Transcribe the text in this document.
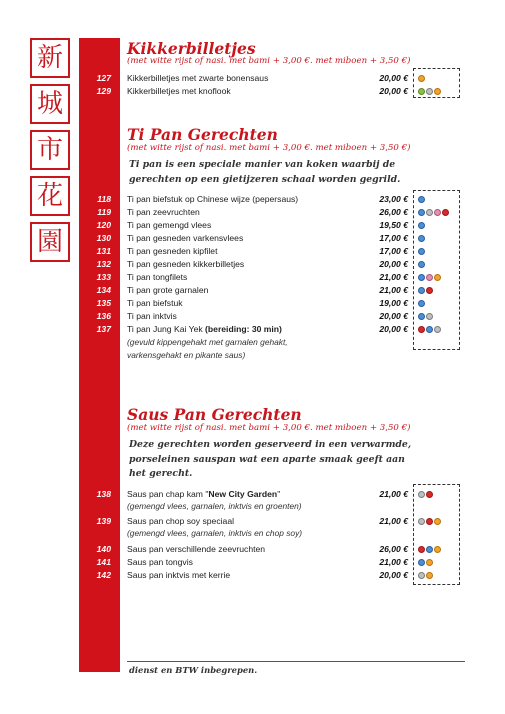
新
城
市
花
園
Kikkerbilletjes
(met witte rijst of nasi. met bami + 3,00 €. met miboen + 3,50 €)
127 Kikkerbilletjes met zwarte bonensaus	20,00 €
129 Kikkerbilletjes met knoflook	20,00 €
Ti Pan Gerechten
(met witte rijst of nasi. met bami + 3,00 €. met miboen + 3,50 €)
Ti pan is een speciale manier van koken waarbij de gerechten op een gietijzeren schaal worden gegrild.
118 Ti pan biefstuk op Chinese wijze (pepersaus)	23,00 €
119 Ti pan zeevruchten	26,00 €
120 Ti pan gemengd vlees	19,50 €
130 Ti pan gesneden varkensvlees	17,00 €
131 Ti pan gesneden kipfilet	17,00 €
132 Ti pan gesneden kikkerbilletjes	20,00 €
133 Ti pan tongfilets	21,00 €
134 Ti pan grote garnalen	21,00 €
135 Ti pan biefstuk	19,00 €
136 Ti pan inktvis	20,00 €
137 Ti pan Jung Kai Yek (bereiding: 30 min)	20,00 €
(gevuld kippengehakt met garnalen gehakt,
varkensgehakt en pikante saus)
Saus Pan Gerechten
(met witte rijst of nasi. met bami + 3,00 €. met miboen + 3,50 €)
Deze gerechten worden geserveerd in een verwarmde, porseleinen sauspan wat een aparte smaak geeft aan het gerecht.
138 Saus pan chap kam "New City Garden"	21,00 €
(gemengd vlees, garnalen, inktvis en groenten)
139 Saus pan chop soy speciaal	21,00 €
(gemengd vlees, garnalen, inktvis en chop soy)
140 Saus pan verschillende zeevruchten	26,00 €
141 Saus pan tongvis	21,00 €
142 Saus pan inktvis met kerrie	20,00 €
dienst en BTW inbegrepen.
